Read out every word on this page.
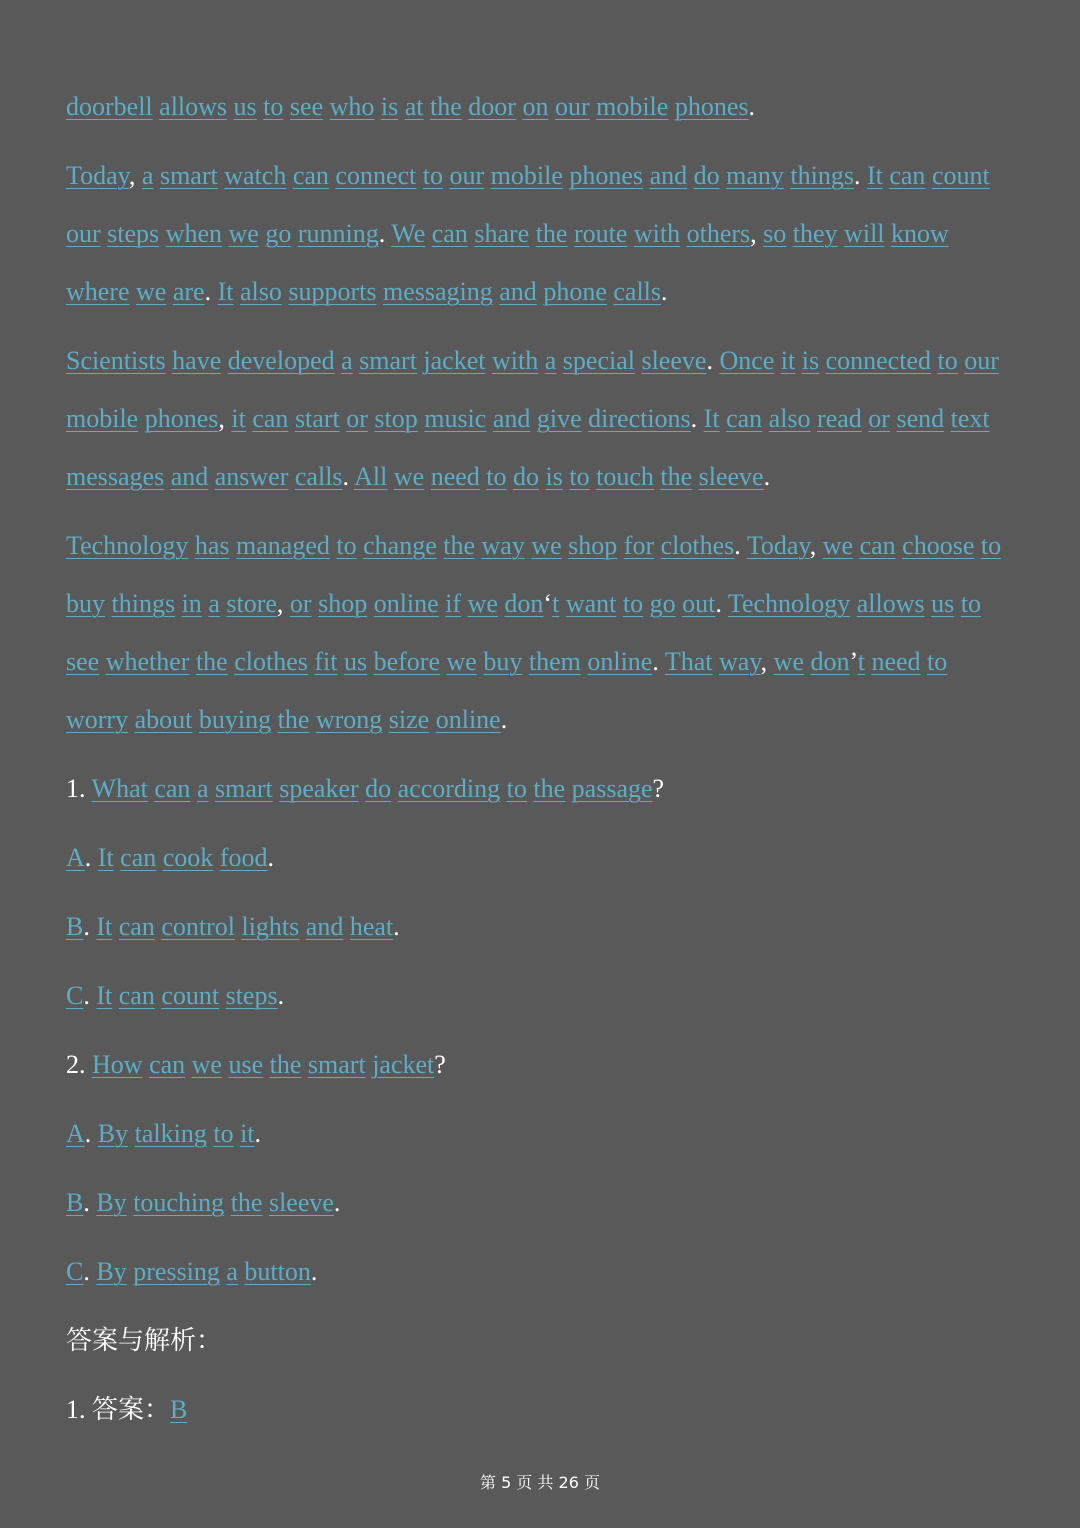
doorbell allows us to see who is at the door on our mobile phones.
Today, a smart watch can connect to our mobile phones and do many things. It can count our steps when we go running. We can share the route with others, so they will know where we are. It also supports messaging and phone calls.
Scientists have developed a smart jacket with a special sleeve. Once it is connected to our mobile phones, it can start or stop music and give directions. It can also read or send text messages and answer calls. All we need to do is to touch the sleeve.
Technology has managed to change the way we shop for clothes. Today, we can choose to buy things in a store, or shop online if we don‘t want to go out. Technology allows us to see whether the clothes fit us before we buy them online. That way, we don’t need to worry about buying the wrong size online.
1. What can a smart speaker do according to the passage?
A. It can cook food.
B. It can control lights and heat.
C. It can count steps.
2. How can we use the smart jacket?
A. By talking to it.
B. By touching the sleeve.
C. By pressing a button.
答案与解析：
1. 答案：B
第 5 页 共 26 页
